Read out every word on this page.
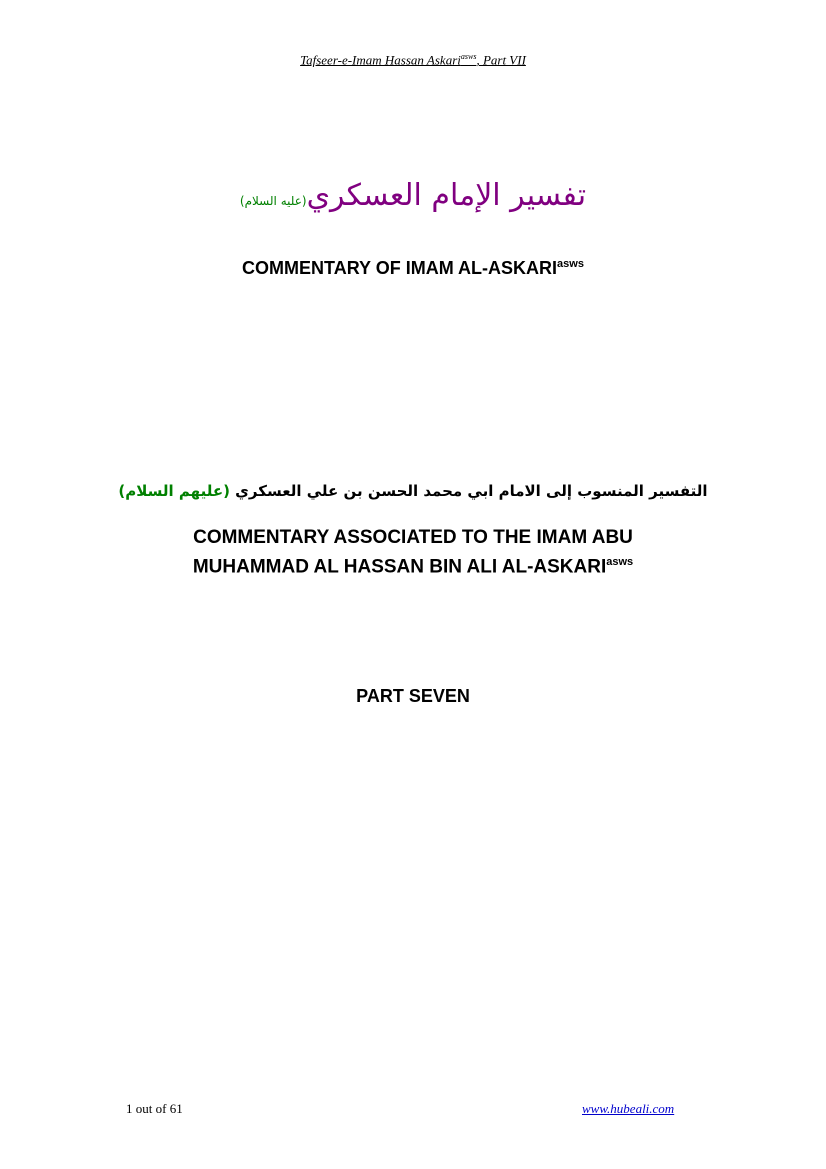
Tafseer-e-Imam Hassan Askari$^{asws}$, Part VII
تفسير الإمام العسكري(عليه السلام)
COMMENTARY OF IMAM $AL-ASKARI^{asws}$
التفسير المنسوب إلى الامام ابي محمد الحسن بن علي العسكري (عليهم السلام)
COMMENTARY ASSOCIATED TO THE IMAM ABU
MUHAMMAD AL HASSAN BIN ALI $AL-ASKARI^{asws}$
PART SEVEN
1 out of 61	www.hubeali.com
